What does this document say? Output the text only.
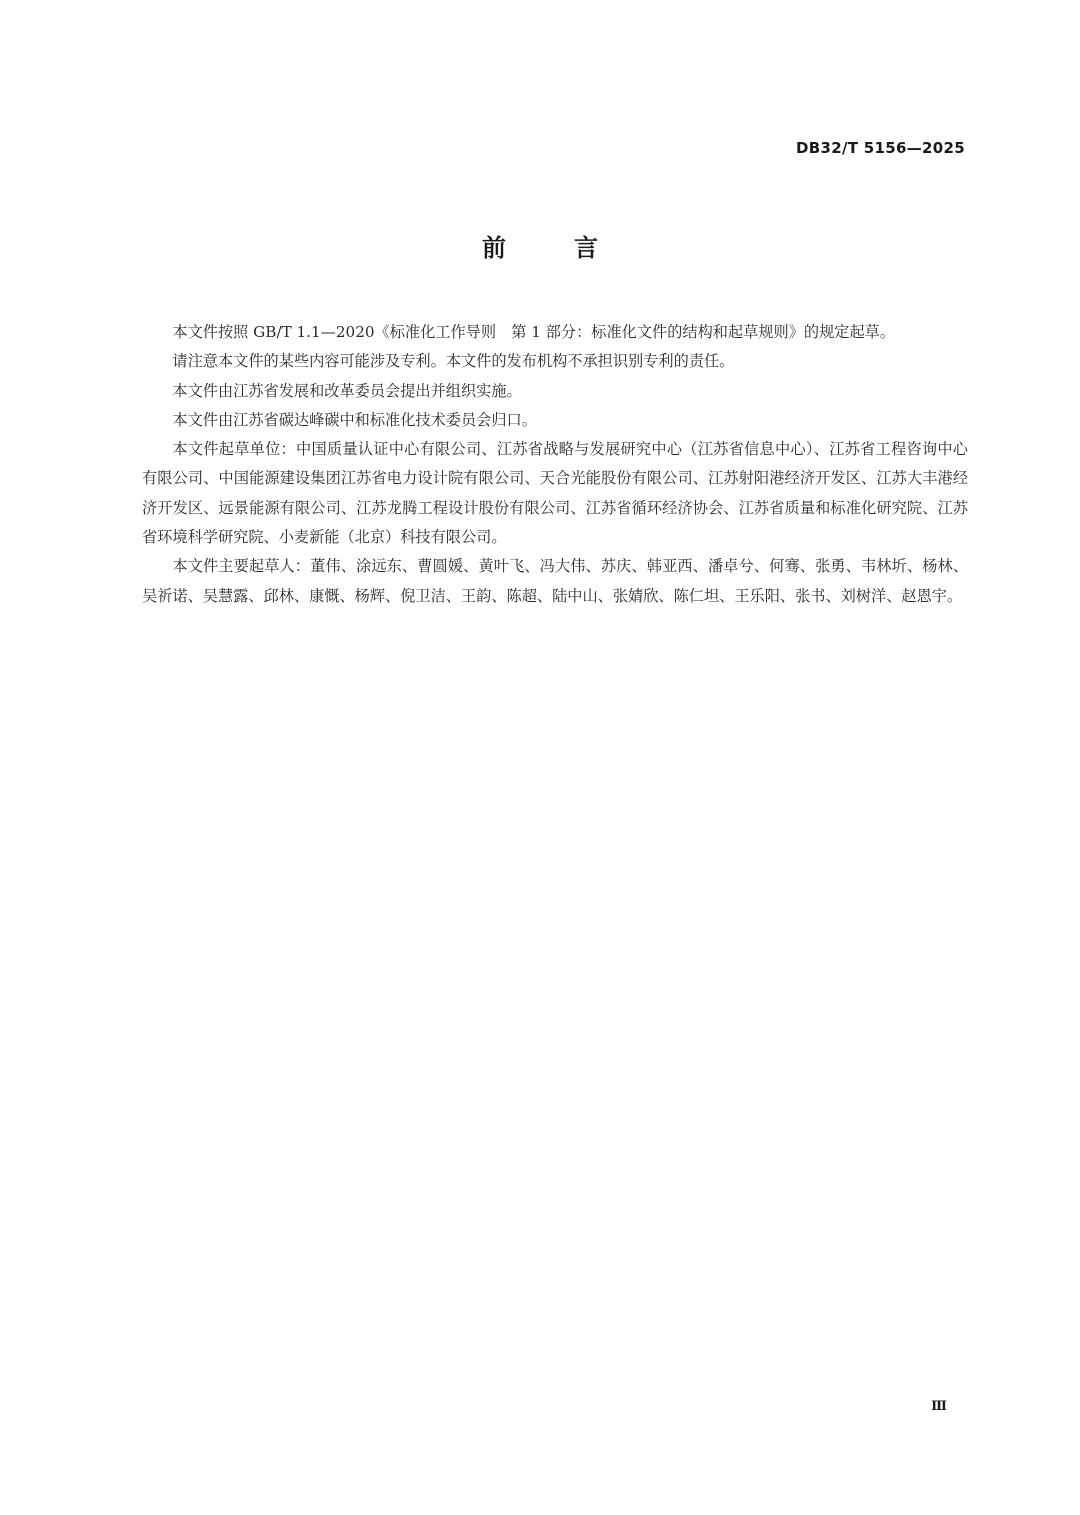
DB32/T 5156—2025
前	言

本文件按照 GB/T 1.1—2020《标准化工作导则　第 1 部分：标准化文件的结构和起草规则》的规定起草。

请注意本文件的某些内容可能涉及专利。本文件的发布机构不承担识别专利的责任。

本文件由江苏省发展和改革委员会提出并组织实施。

本文件由江苏省碳达峰碳中和标准化技术委员会归口。

本文件起草单位：中国质量认证中心有限公司、江苏省战略与发展研究中心（江苏省信息中心）、江苏省工程咨询中心有限公司、中国能源建设集团江苏省电力设计院有限公司、天合光能股份有限公司、江苏射阳港经济开发区、江苏大丰港经济开发区、远景能源有限公司、江苏龙腾工程设计股份有限公司、江苏省循环经济协会、江苏省质量和标准化研究院、江苏省环境科学研究院、小麦新能（北京）科技有限公司。

本文件主要起草人：董伟、涂远东、曹圆媛、黄叶飞、冯大伟、苏庆、韩亚西、潘卓兮、何骞、张勇、韦林圻、杨林、吴祈诺、吴慧露、邱林、康慨、杨辉、倪卫洁、王韵、陈超、陆中山、张婧欣、陈仁坦、王乐阳、张书、刘树洋、赵恩宇。

Ⅲ
